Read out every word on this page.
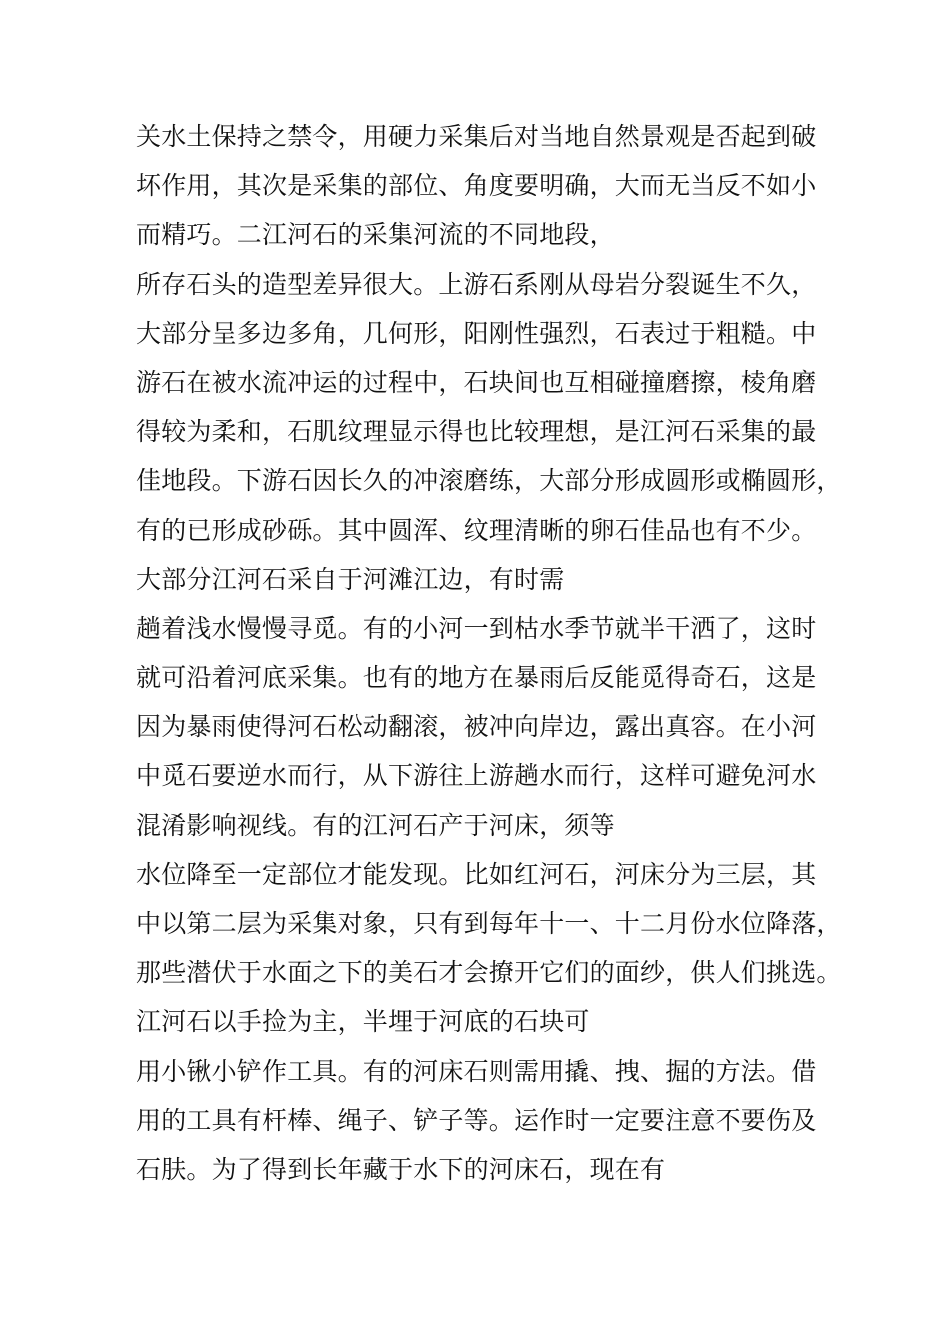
关水土保持之禁令，用硬力采集后对当地自然景观是否起到破
坏作用，其次是采集的部位、角度要明确，大而无当反不如小
而精巧。二江河石的采集河流的不同地段，
所存石头的造型差异很大。上游石系刚从母岩分裂诞生不久，
大部分呈多边多角，几何形，阳刚性强烈，石表过于粗糙。中
游石在被水流冲运的过程中，石块间也互相碰撞磨擦，棱角磨
得较为柔和，石肌纹理显示得也比较理想，是江河石采集的最
佳地段。下游石因长久的冲滚磨练，大部分形成圆形或椭圆形，
有的已形成砂砾。其中圆浑、纹理清晰的卵石佳品也有不少。
大部分江河石采自于河滩江边，有时需
趟着浅水慢慢寻觅。有的小河一到枯水季节就半干洒了，这时
就可沿着河底采集。也有的地方在暴雨后反能觅得奇石，这是
因为暴雨使得河石松动翻滚，被冲向岸边，露出真容。在小河
中觅石要逆水而行，从下游往上游趟水而行，这样可避免河水
混淆影响视线。有的江河石产于河床，须等
水位降至一定部位才能发现。比如红河石，河床分为三层，其
中以第二层为采集对象，只有到每年十一、十二月份水位降落，
那些潜伏于水面之下的美石才会撩开它们的面纱，供人们挑选。
江河石以手捡为主，半埋于河底的石块可
用小锹小铲作工具。有的河床石则需用撬、拽、掘的方法。借
用的工具有杆棒、绳子、铲子等。运作时一定要注意不要伤及
石肤。为了得到长年藏于水下的河床石，现在有
